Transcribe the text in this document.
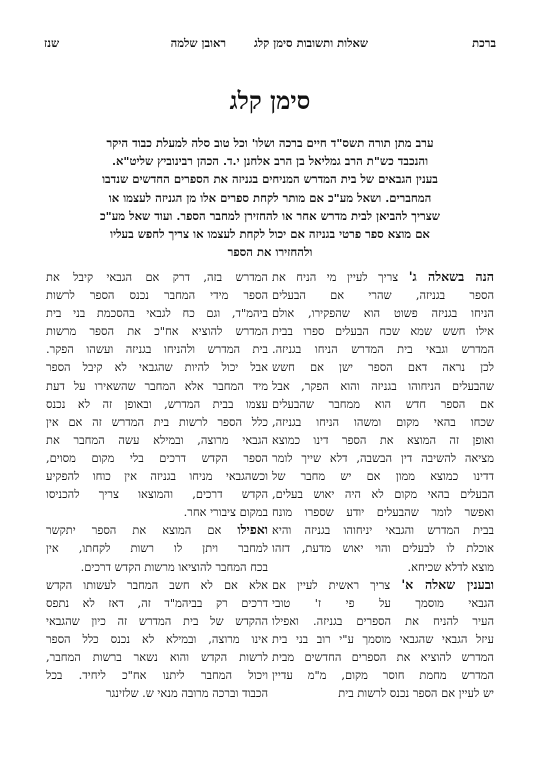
ברכת
שאלות ותשובות סימן קלג
ראובן שלמה
שנז
סימן קלג
ערב מתן תורה תשס"ד חיים ברכה ושלו' וכל טוב סלה למעלת כבוד היקר
והנכבד כש"ת הרב גמליאל בן הרב אלחנן י.ד. הכהן רבינוביץ שליט"א.
בענין הגבאים של בית המדרש המניחים בגניזה את הספרים החדשים שנדבו
המחברים. ושאל מע"כ אם מותר לקחת ספרים אלו מן הגניזה לעצמו או
שצריך להביאן לבית מדרש אחר או להחזירן למחבר הספר. ועוד שאל מע"כ
אם מוצא ספר פרטי בגניזה אם יכול לקחת לעצמו או צריך לחפש בעליו
ולהחזירו את הספר
הנה בשאלה ג' צריך לעיין מי הניח את
הספר בגניזה, שהרי אם הבעלים
הניחו בגניזה פשוט הוא שהפקירו, אולם
אילו חשש שמא שכח הבעלים ספרו בבית
המדרש וגבאי בית המדרש הניחו בגניזה.
לכן נראה דאם הספר ישן אם חשש
שהבעלים הניחוהו בגניזה והוא הפקר, אבל
אם הספר חדש הוא ממחבר שהבעלים
שכחו בהאי מקום ומשהו הניחו בגניזה,
ואופן זה המוצא את הספר דינו כמוצא
מציאה להשיבה דין הבשבה, דלא שייך לומר
דדינו כמוצא ממון אם יש מחבר של
הבעלים בהאי מקום לא היה יאוש בעלים,
ואפשר לומר שהבעלים יודע שספרו מונח
בבית המדרש והגבאי יניחוהו בגניזה והיא
אוכלת לו לבעלים והוי יאוש מדעת, דזהו
מוצא לדלא שכיחא.
ובענין שאלה א' צריך ראשית לעיין אם
הגבאי מוסמך על פי ז' טובי
העיר להניח את הספרים בגניזה. ואפילו
עיזל הגבאי שהגבאי מוסמך ע"י רוב בני בית
המדרש להוציא את הספרים החדשים מבית
המדרש מחמת חוסר מקום, מ"מ עדיין
יש לעיין אם הספר נכנס לרשות בית
המדרש בזה, דרק אם הגבאי קיבל את
הספר מידי המחבר נכנס הספר לרשות
ביהמ"ד, וגם כח לגבאי בהסכמת בני בית
המדרש להוציא אח"כ את הספר מרשות
בית המדרש ולהניחו בגניזה ועשהו הפקר.
אבל יכול להיות שהגבאי לא קיבל הספר
מיד המחבר אלא המחבר שהשאירו על דעת
עצמו בבית המדרש, ובאופן זה לא נכנס
כלל הספר לרשות בית המדרש זה אם אין
הגבאי מרוצה, ובמילא עשה המחבר את
הספר הקדש דרכים בלי מקום מסוים,
וכשהגבאי מניחו בגניזה אין כוחו להפקיע
הקדש דרכים, והמוצאו צריך להכניסו
במקום ציבורי אחר.
ואפילו אם המוצא את הספר יתקשר
למחבר ויתן לו רשות לקחתו, אין
בכח המחבר להוציאו מרשות הקדש דרכים.
אלא אם לא חשב המחבר לעשותו הקדש
דרכים רק בביהמ"ד זה, דאז לא נתפס
ההקדש של בית המדרש זה כיון שהגבאי
אינו מרוצה, ובמילא לא נכנס כלל הספר
לרשות הקדש והוא נשאר ברשות המחבר,
ויכול המחבר ליתנו אח"כ ליחיד. בכל
הכבוד וברכה מרובה מנאי ש. שלזינגר
